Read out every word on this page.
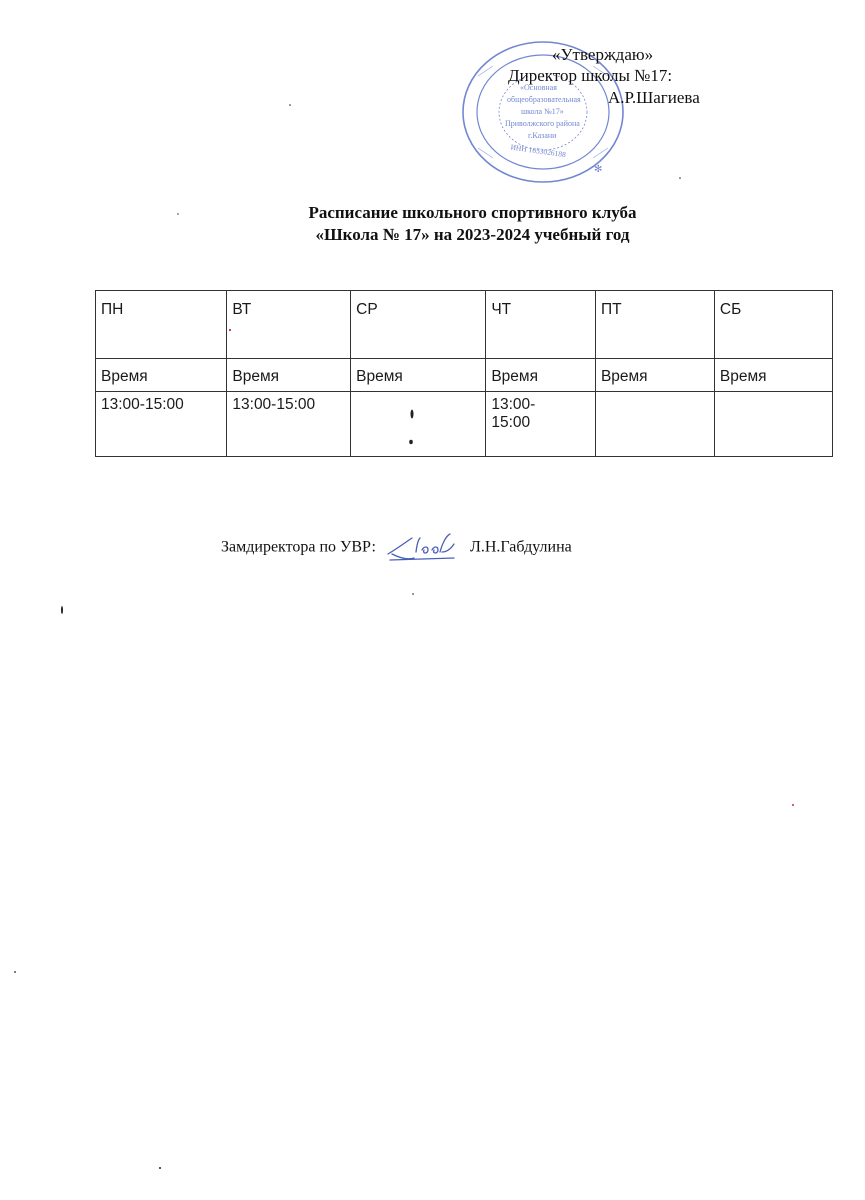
«Основная
общеобразовательная
школа №17»
Приволжского района
г.Казани
ИНН 1653026188
✻
«Утверждаю»
Директор школы №17:
А.Р.Шагиева
Расписание школьного спортивного клуба
«Школа № 17» на 2023-2024 учебный год
ПН	ВТ	СР	ЧТ	ПТ	СБ
Время	Время	Время	Время	Время	Время
13:00-15:00	13:00-15:00		13:00-15:00		

Замдиректора по УВР:	Л.Н.Габдулина
